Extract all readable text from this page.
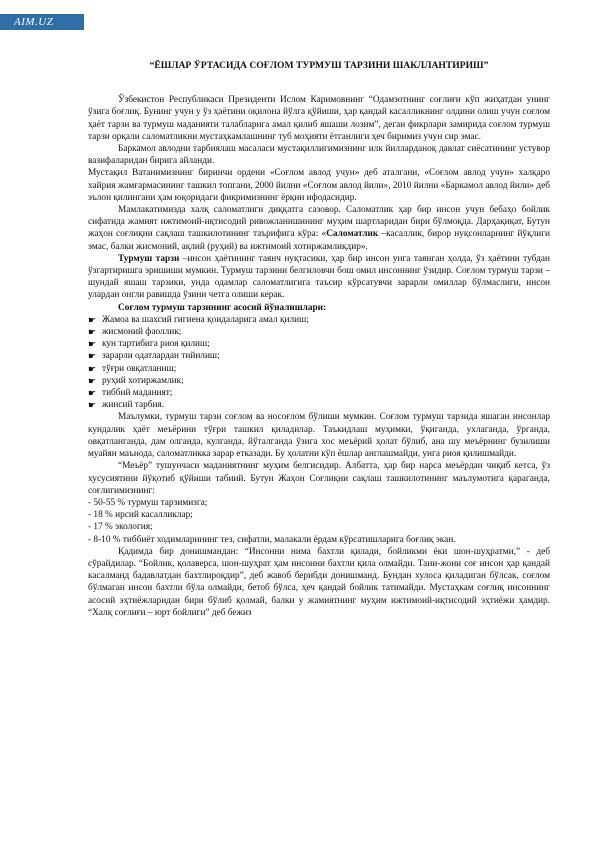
AIM.UZ
“ЁШЛАР ЎРТАСИДА СОҒЛОМ ТУРМУШ ТАРЗИНИ ШАКЛЛАНТИРИШ”

Ўзбекистон Республикаси Президенти Ислом Каримовнинг “Одамзотнинг соғлиғи кўп жиҳатдан унинг ўзига боғлиқ. Бунинг учун у ўз ҳаётини оқилона йўлга қўйиши, ҳар қандай касалликнинг олдини олиш учун соғлом ҳаёт тарзи ва турмуш маданияти талабларига амал қилиб яшаши лозим”, деган фикрлари замирида соғлом турмуш тарзи орқали саломатликни мустаҳкамлашнинг туб моҳияти ётганлиги ҳеч биримиз учун сир эмас.

Баркамол авлодни тарбиялаш масаласи мустақиллигимизнинг илк йилларданоқ давлат сиёсатининг устувор вазифаларидан бирига айланди.

Мустақил Ватанимизнинг биринчи ордени «Соғлом авлод учун» деб аталгани, «Соғлом авлод учун» халқаро хайрия жамғармасининг ташкил топгани, 2000 йилни «Соғлом авлод йили», 2010 йилни «Баркамол авлод йили» деб эълон қилингани ҳам юқоридаги фикримизнинг ёрқин ифодасидир.

Мамлакатимизда халқ саломатлиги диққатга сазовор. Саломатлик ҳар бир инсон учун бебаҳо бойлик сифатида жамият ижтимоий-иқтисодий ривожланишининг муҳим шартларидан бири бўлмоқда. Дарҳақиқат, Бутун жаҳон соғлиқни сақлаш ташкилотининг таърифига кўра: «Саломатлик –касаллик, бирор нуқсонларнинг йўқлиги эмас, балки жисмоний, ақлий (руҳий) ва ижтимоий хотиржамликдир».

Турмуш тарзи –инсон ҳаётининг таянч нуқтасики, ҳар бир инсон унга таянган ҳолда, ўз ҳаётини тубдан ўзгартиришга эришиши мумкин. Турмуш тарзини белгиловчи бош омил инсоннинг ўзидир. Соғлом турмуш тарзи –шундай яшаш тарзики, унда одамлар саломатлигига таъсир кўрсатувчи зарарли омиллар бўлмаслиги, инсон улардан онгли равишда ўзини четга олиши керак.

Соғлом турмуш тарзининг асосий йўналишлари:

☛ Жамоа ва шахсий гигиена қоидаларига амал қилиш;
☛ жисмоний фаоллик;
☛ кун тартибига риоя қилиш;
☛ зарарли одатлардан тийилиш;
☛ тўғри овқатланиш;
☛ руҳий хотиржамлик;
☛ тиббий маданият;
☛ жинсий тарбия.

Маълумки, турмуш тарзи соғлом ва носоғлом бўлиши мумкин. Соғлом турмуш тарзида яшаган инсонлар кундалик ҳаёт меъёрини тўғри ташкил қиладилар. Таъкидлаш муҳимки, ўқиганда, ухлаганда, ўрганда, овқатланганда, дам олганда, кулганда, йўталганда ўзига хос меъёрий ҳолат бўлиб, ана шу меъёрнинг бузилиши муайян маънода, саломатликка зарар етказади. Бу ҳолатни кўп ёшлар англашмайди, унга риоя қилишмайди.

“Меъёр” тушунчаси маданиятнинг муҳим белгисидир. Албатта, ҳар бир нарса меъёрдан чиқиб кетса, ўз хусусиятини йўқотиб қўйиши табиий. Бутун Жаҳон Соғлиқни сақлаш ташкилотининг маълумотига қараганда, соғлигимизнинг:

- 50-55 % турмуш тарзимизга;

- 18 % ирсий касалликлар;

- 17 % экология;

- 8-10 % тиббиёт ходимларининг тез, сифатли, малакали ёрдам кўрсатишларига боғлиқ экан.

Қадимда бир донишмандан: “Инсонни нима бахтли қилади, бойликми ёки шон-шуҳратми,” - деб сўрайдилар. “Бойлик, қолаверса, шон-шуҳрат ҳам инсонни бахтли қила олмайди. Тани-жони соғ инсон ҳар қандай касалманд бадавлатдан бахтлироқдир”, деб жавоб берибди донишманд. Бундан хулоса қиладиган бўлсак, соғлом бўлмаган инсон бахтли бўла олмайди, бетоб бўлса, ҳеч қандай бойлик татимайди. Мустаҳкам соғлиқ инсоннинг асосий эҳтиёжларидан бири бўлиб қолмай, балки у жамиятнинг муҳим ижтимоий-иқтисодий эҳтиёжи ҳамдир. “Халқ соғлиғи – юрт бойлиги” деб бежиз
